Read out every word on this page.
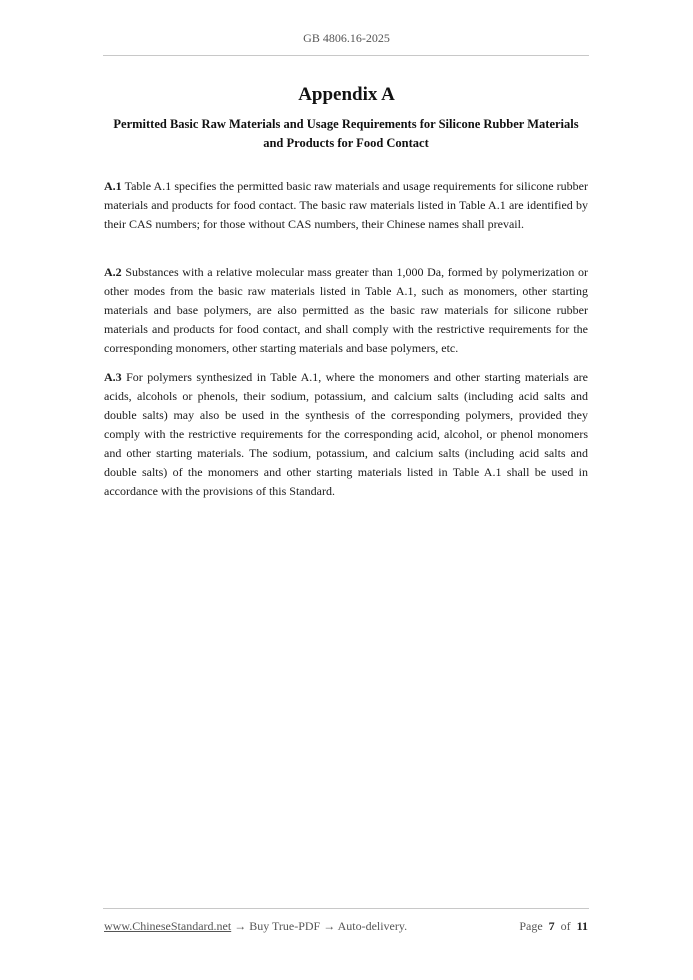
GB 4806.16-2025
Appendix A
Permitted Basic Raw Materials and Usage Requirements for Silicone Rubber Materials and Products for Food Contact
A.1 Table A.1 specifies the permitted basic raw materials and usage requirements for silicone rubber materials and products for food contact. The basic raw materials listed in Table A.1 are identified by their CAS numbers; for those without CAS numbers, their Chinese names shall prevail.
A.2 Substances with a relative molecular mass greater than 1,000 Da, formed by polymerization or other modes from the basic raw materials listed in Table A.1, such as monomers, other starting materials and base polymers, are also permitted as the basic raw materials for silicone rubber materials and products for food contact, and shall comply with the restrictive requirements for the corresponding monomers, other starting materials and base polymers, etc.
A.3 For polymers synthesized in Table A.1, where the monomers and other starting materials are acids, alcohols or phenols, their sodium, potassium, and calcium salts (including acid salts and double salts) may also be used in the synthesis of the corresponding polymers, provided they comply with the restrictive requirements for the corresponding acid, alcohol, or phenol monomers and other starting materials. The sodium, potassium, and calcium salts (including acid salts and double salts) of the monomers and other starting materials listed in Table A.1 shall be used in accordance with the provisions of this Standard.
www.ChineseStandard.net → Buy True-PDF → Auto-delivery.	Page 7 of 11
